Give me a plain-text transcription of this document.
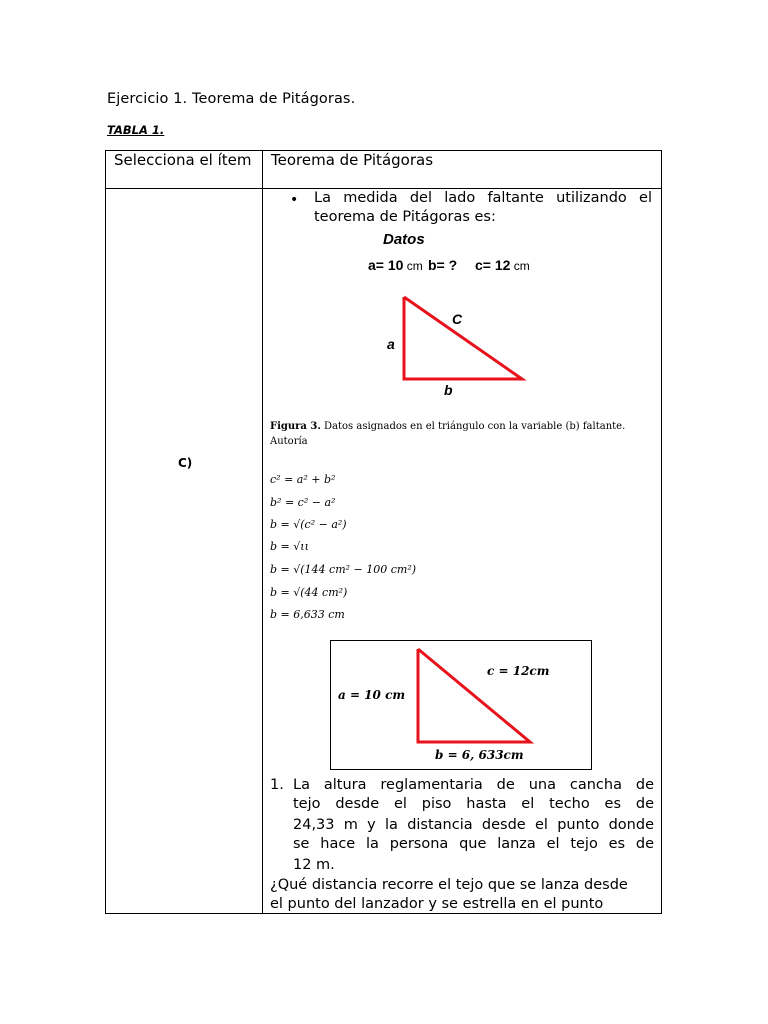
Ejercicio 1. Teorema de Pitágoras.
TABLA 1.
Selecciona el ítem Teorema de Pitágoras
C)
• La medida del lado faltante utilizando el
teorema de Pitágoras es:
Datos
a= 10 cm b= ? c= 12 cm
C
a
b
Figura 3. Datos asignados en el triángulo con la variable (b) faltante.
Autoría
c² = a² + b²
b² = c² − a²
b = √(c² − a²)
b = √ιι
b = √(144 cm² − 100 cm²)
b = √(44 cm²)
b = 6,633 cm
c = 12cm
a = 10 cm
b = 6, 633cm
1. La altura reglamentaria de una cancha de
tejo desde el piso hasta el techo es de
24,33 m y la distancia desde el punto donde
se hace la persona que lanza el tejo es de
12 m.
¿Qué distancia recorre el tejo que se lanza desde
el punto del lanzador y se estrella en el punto
